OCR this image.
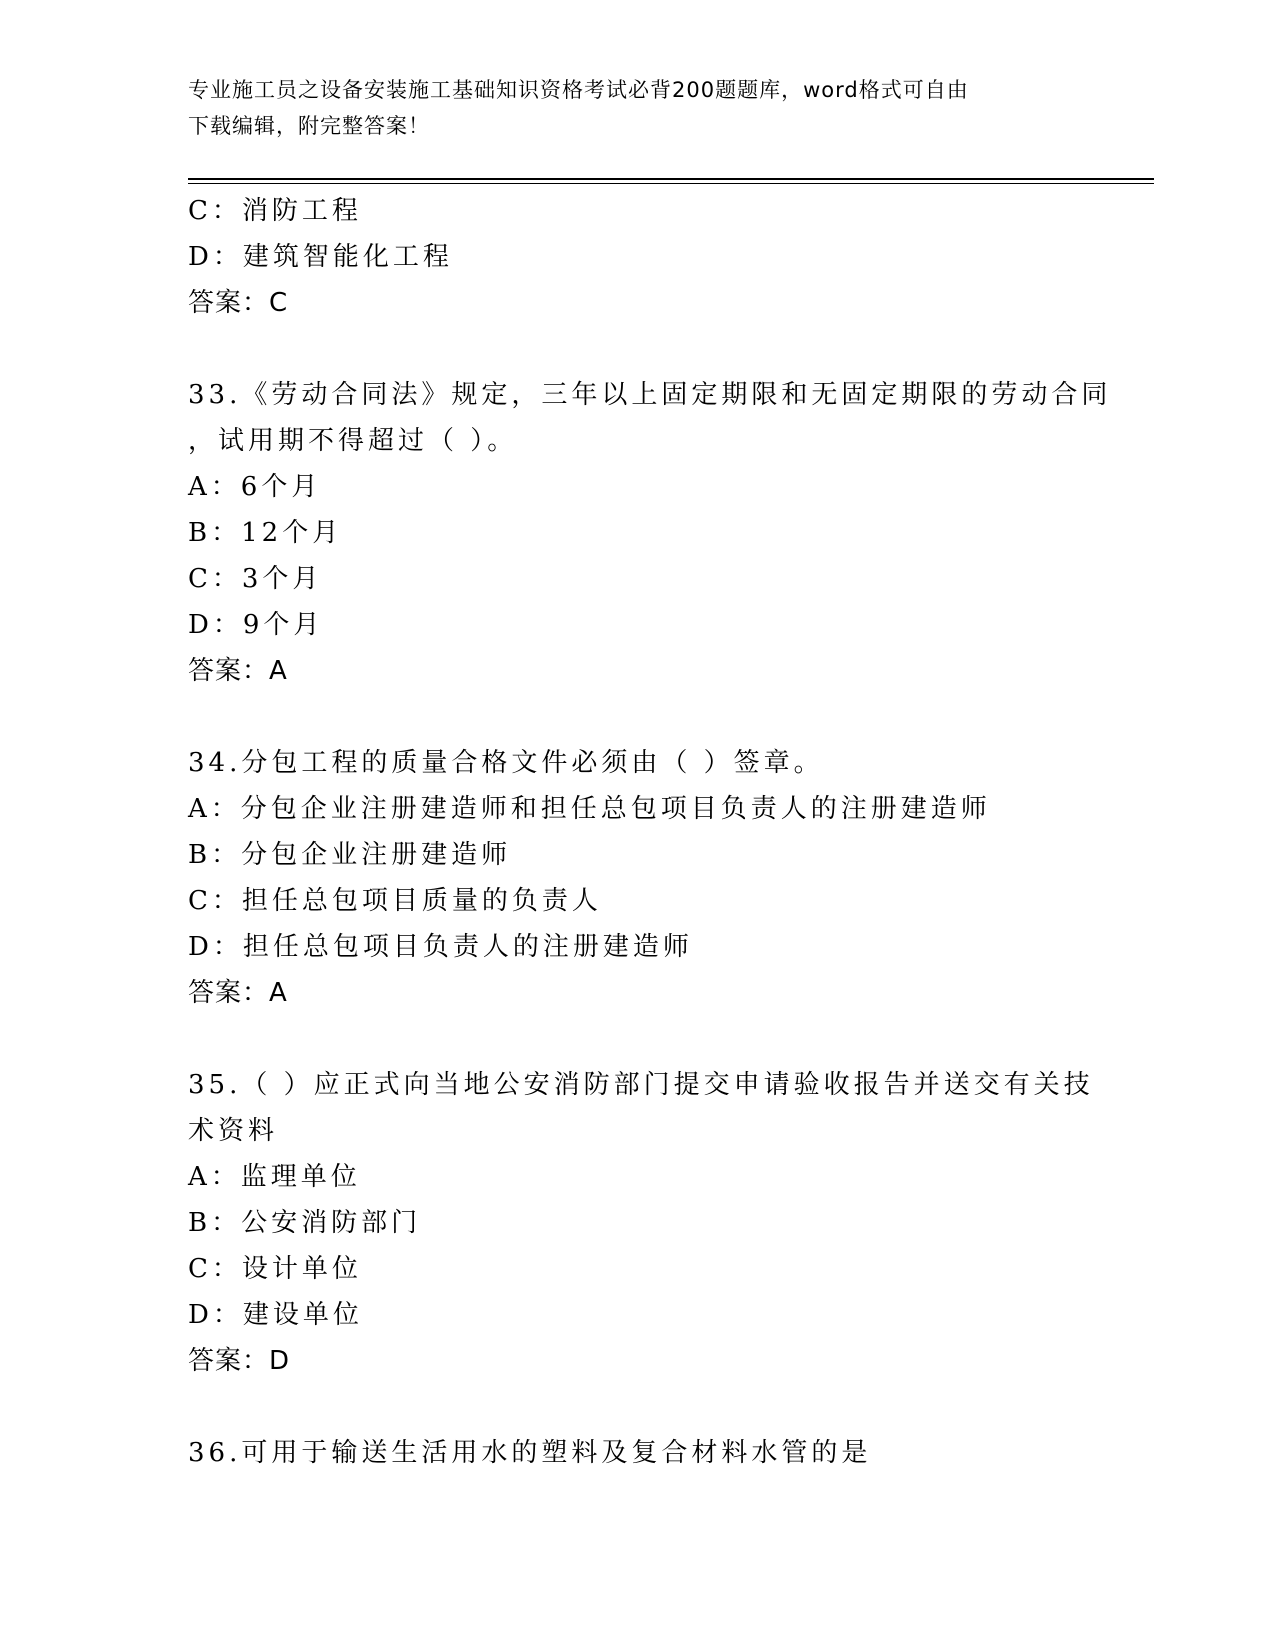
专业施工员之设备安装施工基础知识资格考试必背200题题库，word格式可自由
下载编辑，附完整答案！

C：消防工程

D：建筑智能化工程

答案：C

33.《劳动合同法》规定，三年以上固定期限和无固定期限的劳动合同

，试用期不得超过（ ）。

A：6个月

B：12个月

C：3个月

D：9个月

答案：A

34.分包工程的质量合格文件必须由（ ）签章。

A：分包企业注册建造师和担任总包项目负责人的注册建造师

B：分包企业注册建造师

C：担任总包项目质量的负责人

D：担任总包项目负责人的注册建造师

答案：A

35.（ ）应正式向当地公安消防部门提交申请验收报告并送交有关技

术资料

A：监理单位

B：公安消防部门

C：设计单位

D：建设单位

答案：D

36.可用于输送生活用水的塑料及复合材料水管的是
